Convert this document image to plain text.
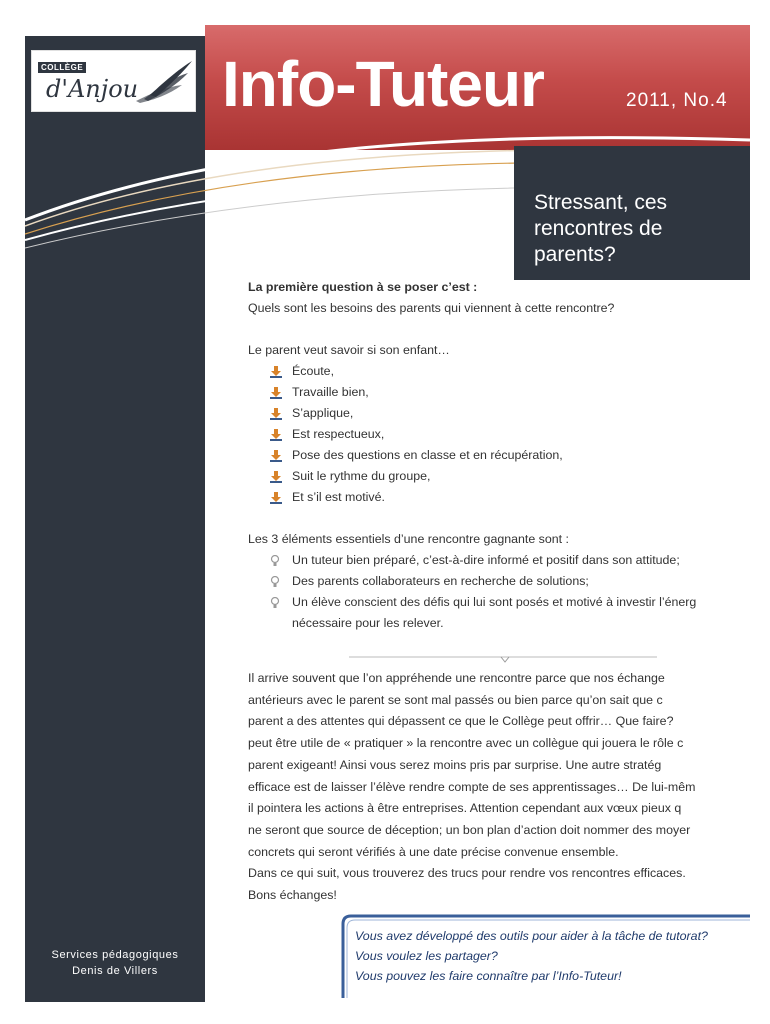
COLLÈGE
d'Anjou Info-Tuteur	2011, No.4
Stressant, ces rencontres de parents?

La première question à se poser c’est :

Quels sont les besoins des parents qui viennent à cette rencontre?

Le parent veut savoir si son enfant…

Écoute,
Travaille bien,
S’applique,
Est respectueux,
Pose des questions en classe et en récupération,
Suit le rythme du groupe,
Et s’il est motivé.

Les 3 éléments essentiels d’une rencontre gagnante sont :

Un tuteur bien préparé, c’est-à-dire informé et positif dans son attitude;
Des parents collaborateurs en recherche de solutions;
Un élève conscient des défis qui lui sont posés et motivé à investir l’énerg

nécessaire pour les relever.

Il arrive souvent que l’on appréhende une rencontre parce que nos échange
antérieurs avec le parent se sont mal passés ou bien parce qu’on sait que c
parent a des attentes qui dépassent ce que le Collège peut offrir… Que faire?
peut être utile de « pratiquer » la rencontre avec un collègue qui jouera le rôle c
parent exigeant! Ainsi vous serez moins pris par surprise. Une autre stratég
efficace est de laisser l’élève rendre compte de ses apprentissages… De lui-mêm
il pointera les actions à être entreprises. Attention cependant aux vœux pieux q
ne seront que source de déception; un bon plan d’action doit nommer des moyer
concrets qui seront vérifiés à une date précise convenue ensemble.
Dans ce qui suit, vous trouverez des trucs pour rendre vos rencontres efficaces.
Bons échanges!
Vous avez développé des outils pour aider à la tâche de tutorat?
Vous voulez les partager?
Vous pouvez les faire connaître par l’Info-Tuteur!
Services pédagogiques
Denis de Villers
